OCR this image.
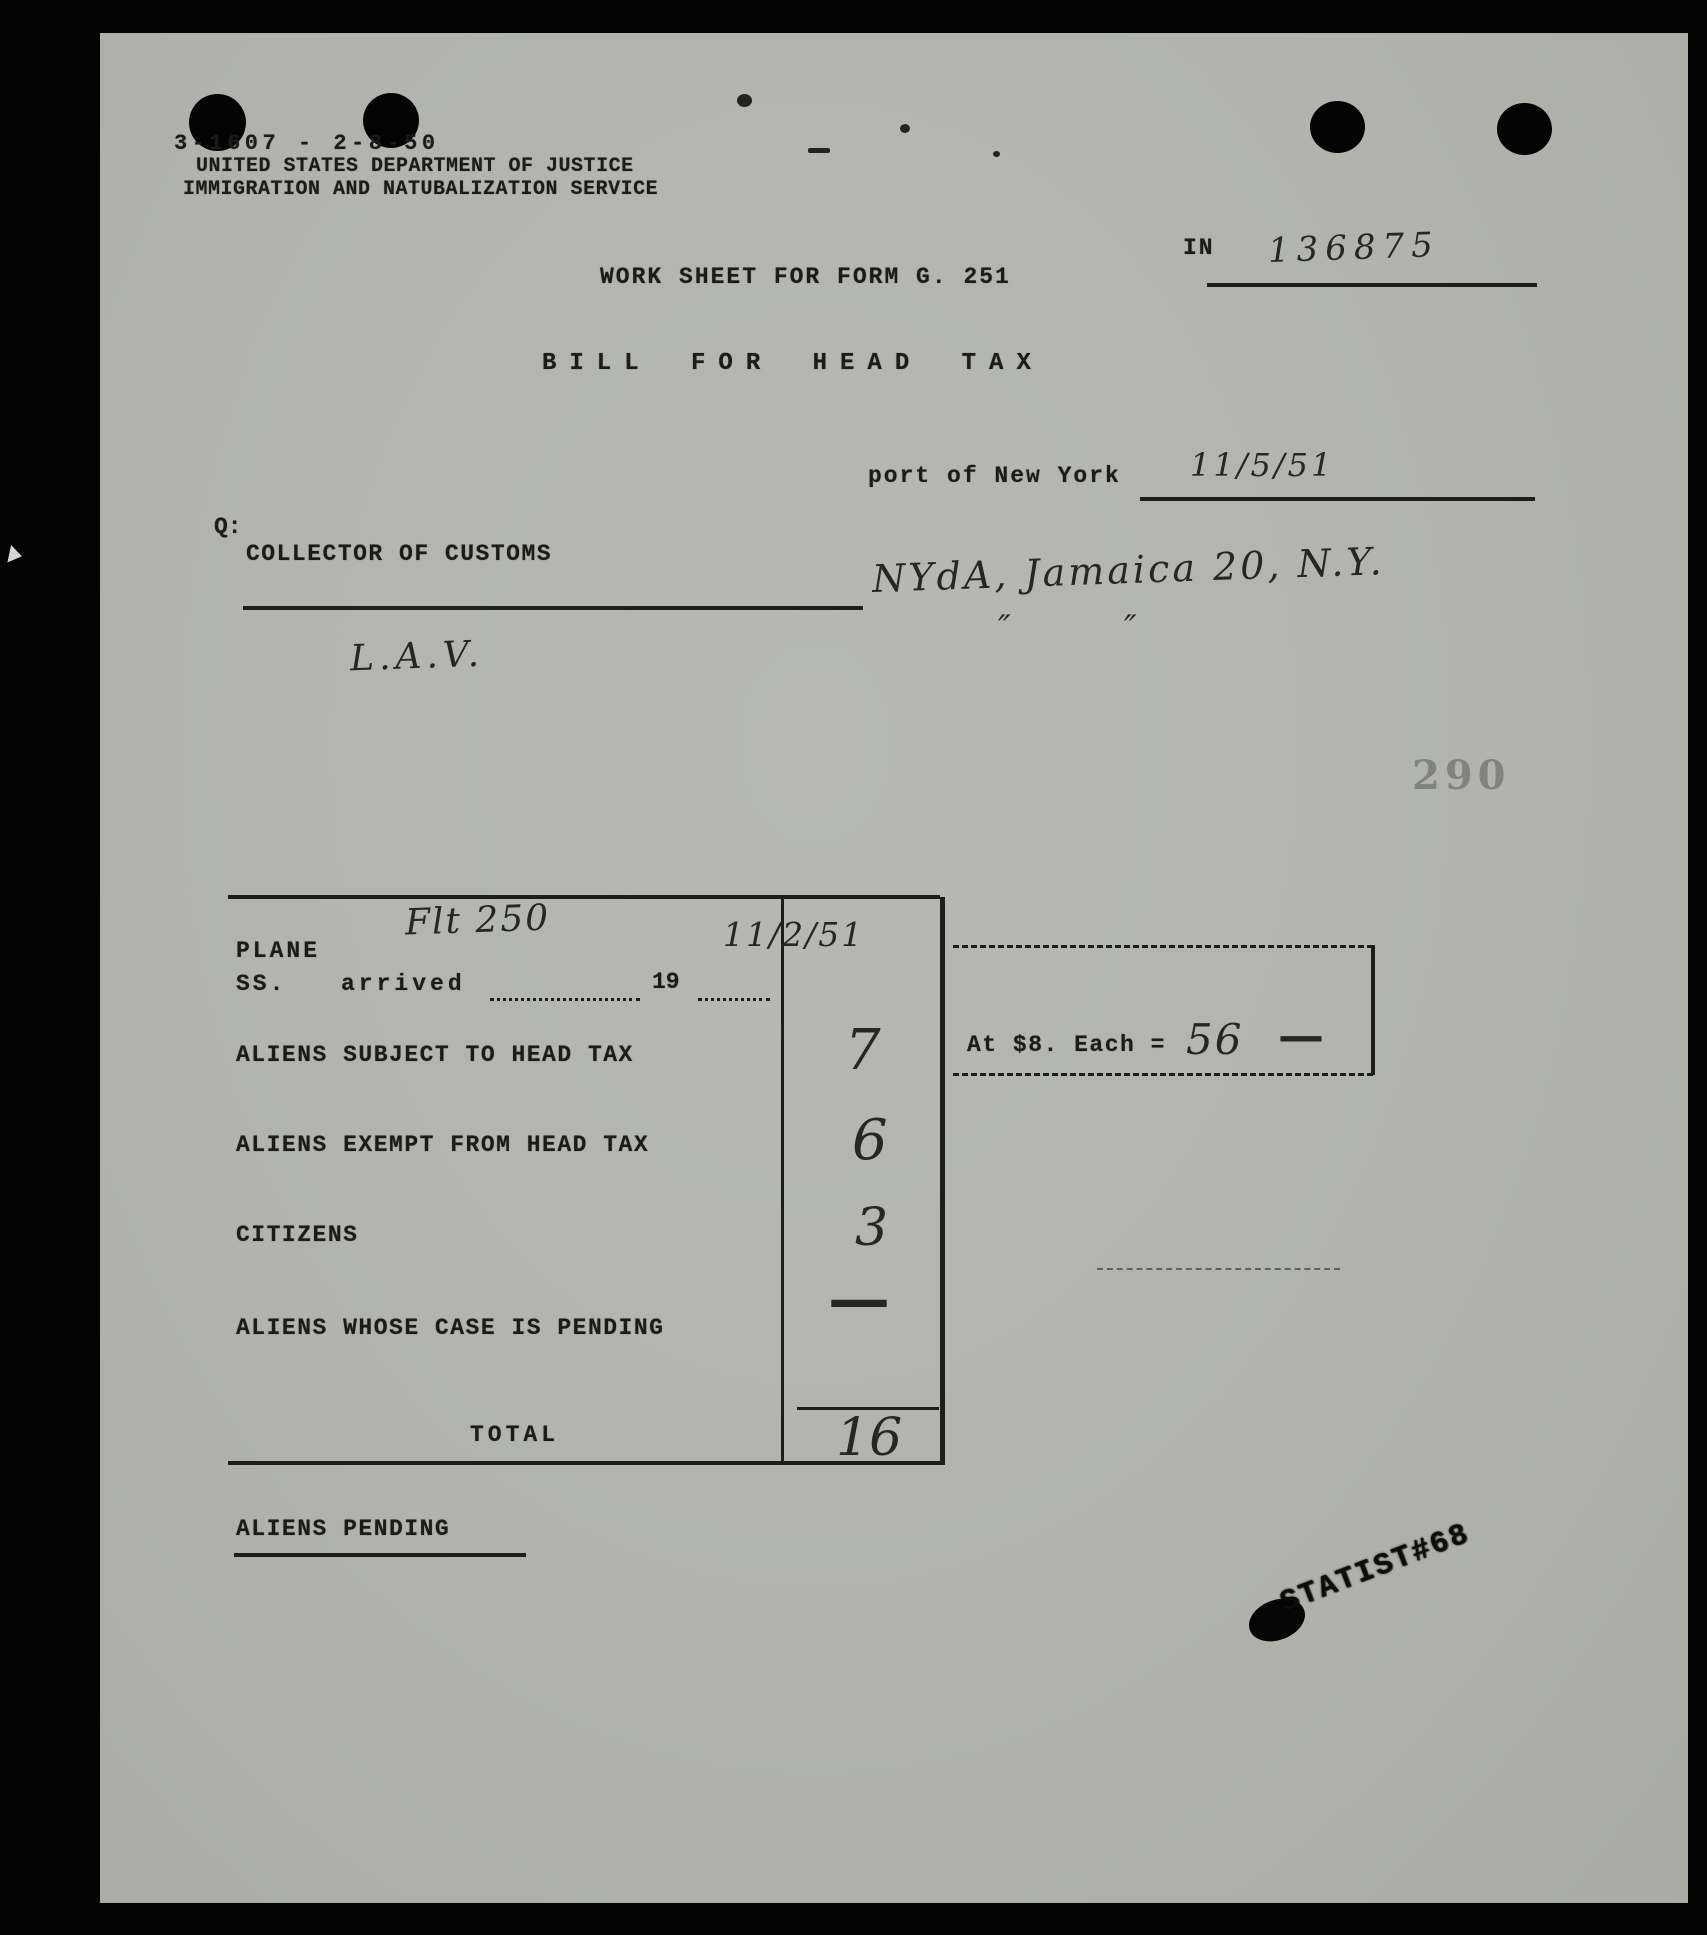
3-1607 - 2-8-50
UNITED STATES DEPARTMENT OF JUSTICE
IMMIGRATION AND NATUBALIZATION SERVICE
WORK SHEET FOR FORM G. 251
IN 136875
BILL FOR HEAD TAX
port of New York 11/5/51
Q:
COLLECTOR OF CUSTOMS	NYdA, Jamaica 20, N.Y.
″	″
L.A.V.
290
PLANE
Flt 250	11/2/51
SS. arrived	19
ALIENS SUBJECT TO HEAD TAX	7
ALIENS EXEMPT FROM HEAD TAX	6
CITIZENS	3
ALIENS WHOSE CASE IS PENDING	—
TOTAL	16
At $8. Each = 56 —
ALIENS PENDING	STATIST#68
